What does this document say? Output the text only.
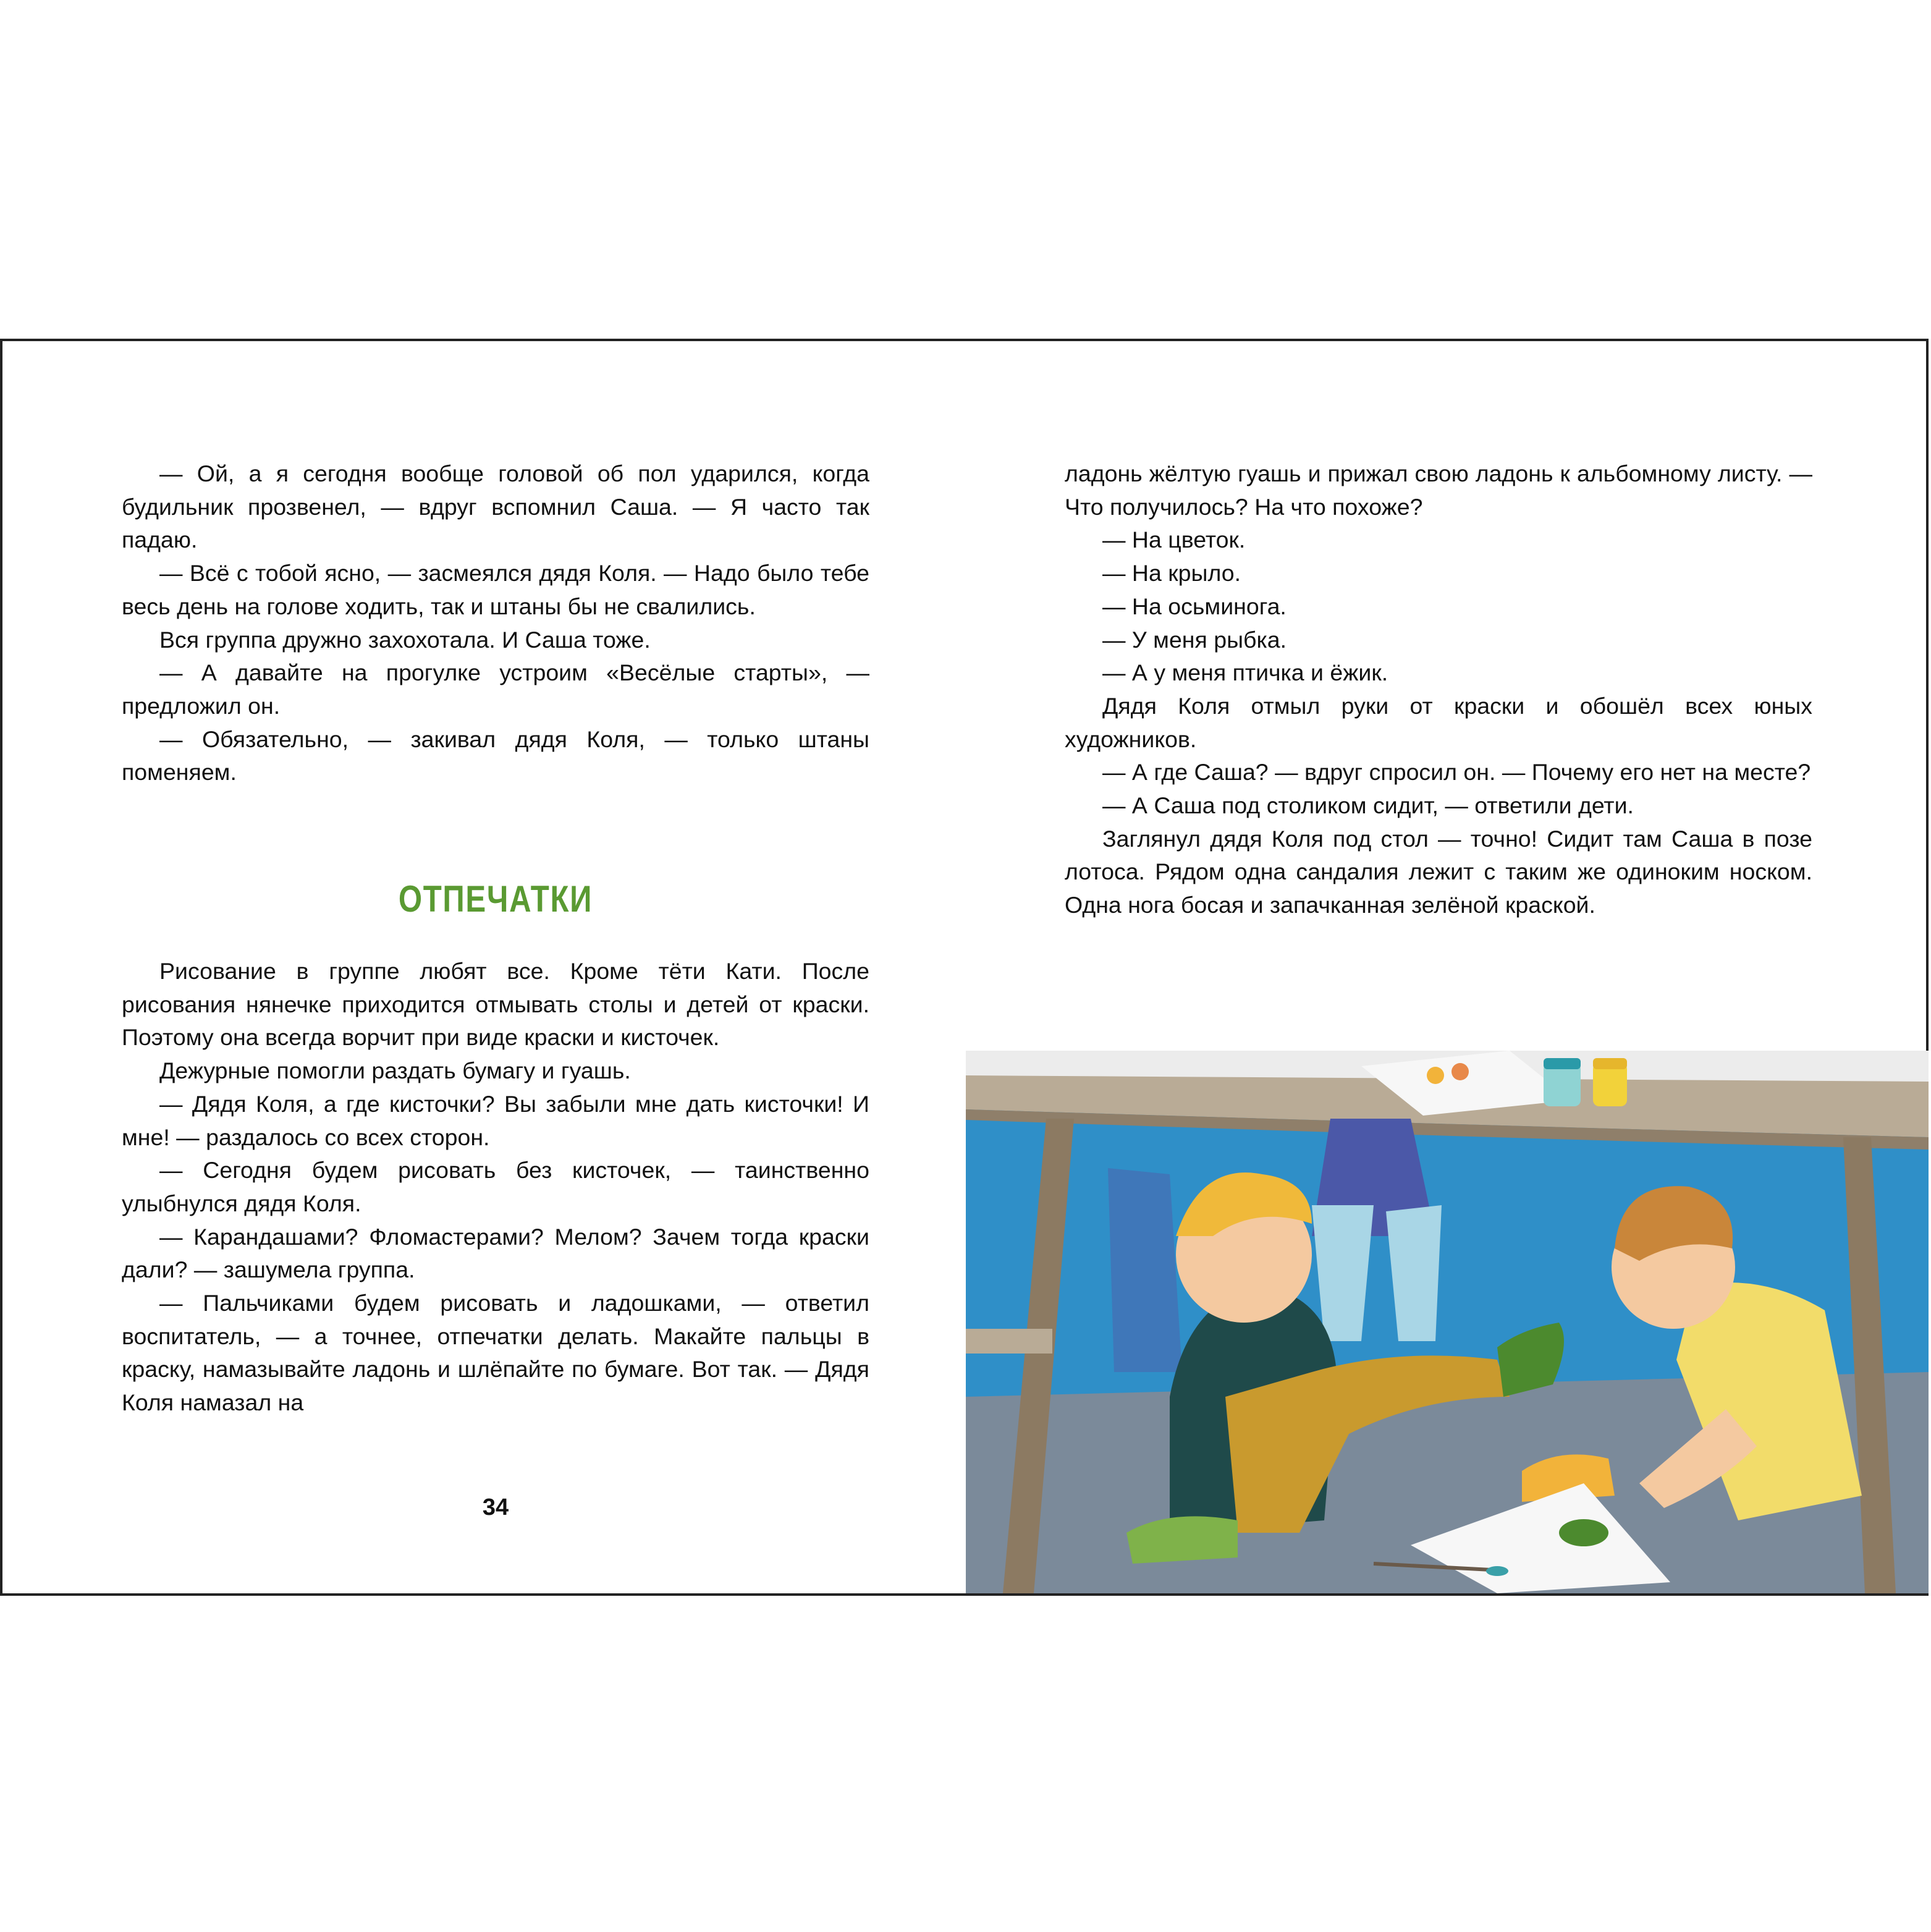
— Ой, а я сегодня вообще головой об пол ударился, когда будильник прозвенел, — вдруг вспомнил Саша. — Я часто так падаю.

— Всё с тобой ясно, — засмеялся дядя Коля. — Надо было тебе весь день на голове ходить, так и штаны бы не свалились.

Вся группа дружно захохотала. И Саша тоже.

— А давайте на прогулке устроим «Весёлые старты», — предложил он.

— Обязательно, — закивал дядя Коля, — только штаны поменяем.

ОТПЕЧАТКИ

Рисование в группе любят все. Кроме тёти Кати. После рисования нянечке приходится отмывать столы и детей от краски. Поэтому она всегда ворчит при виде краски и кисточек.

Дежурные помогли раздать бумагу и гуашь.

— Дядя Коля, а где кисточки? Вы забыли мне дать кисточки! И мне! — раздалось со всех сторон.

— Сегодня будем рисовать без кисточек, — таинственно улыбнулся дядя Коля.

— Карандашами? Фломастерами? Мелом? Зачем тогда краски дали? — зашумела группа.

— Пальчиками будем рисовать и ладошками, — ответил воспитатель, — а точнее, отпечатки делать. Макайте пальцы в краску, намазывайте ладонь и шлёпайте по бумаге. Вот так. — Дядя Коля намазал на

34

ладонь жёлтую гуашь и прижал свою ладонь к альбомному листу. — Что получилось? На что похоже?

— На цветок.

— На крыло.

— На осьминога.

— У меня рыбка.

— А у меня птичка и ёжик.

Дядя Коля отмыл руки от краски и обошёл всех юных художников.

— А где Саша? — вдруг спросил он. — Почему его нет на месте?

— А Саша под столиком сидит, — ответили дети.

Заглянул дядя Коля под стол — точно! Сидит там Саша в позе лотоса. Рядом одна сандалия лежит с таким же одиноким носком. Одна нога босая и запачканная зелёной краской.
